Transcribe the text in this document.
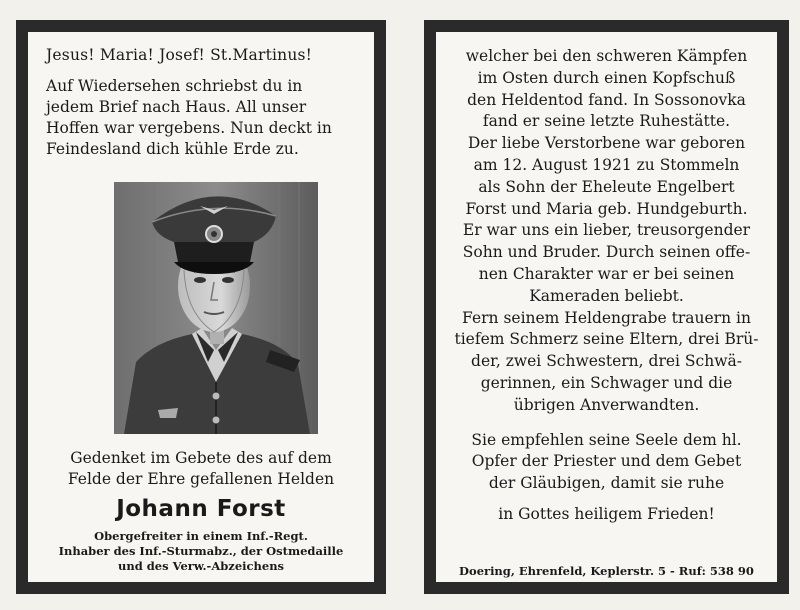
Jesus! Maria! Josef! St.Martinus!
Auf Wiedersehen schriebst du in
jedem Brief nach Haus. All unser
Hoffen war vergebens. Nun deckt in
Feindesland dich kühle Erde zu.
Gedenket im Gebete des auf dem
Felde der Ehre gefallenen Helden
Johann Forst
Obergefreiter in einem Inf.-Regt.
Inhaber des Inf.-Sturmabz., der Ostmedaille
und des Verw.-Abzeichens
welcher bei den schweren Kämpfen
im Osten durch einen Kopfschuß
den Heldentod fand. In Sossonovka
fand er seine letzte Ruhestätte.
Der liebe Verstorbene war geboren
am 12. August 1921 zu Stommeln
als Sohn der Eheleute Engelbert
Forst und Maria geb. Hundgeburth.
Er war uns ein lieber, treusorgender
Sohn und Bruder. Durch seinen offe-
nen Charakter war er bei seinen
Kameraden beliebt.
Fern seinem Heldengrabe trauern in
tiefem Schmerz seine Eltern, drei Brü-
der, zwei Schwestern, drei Schwä-
gerinnen, ein Schwager und die
übrigen Anverwandten.
Sie empfehlen seine Seele dem hl.
Opfer der Priester und dem Gebet
der Gläubigen, damit sie ruhe
in Gottes heiligem Frieden!
Doering, Ehrenfeld, Keplerstr. 5 - Ruf: 538 90
